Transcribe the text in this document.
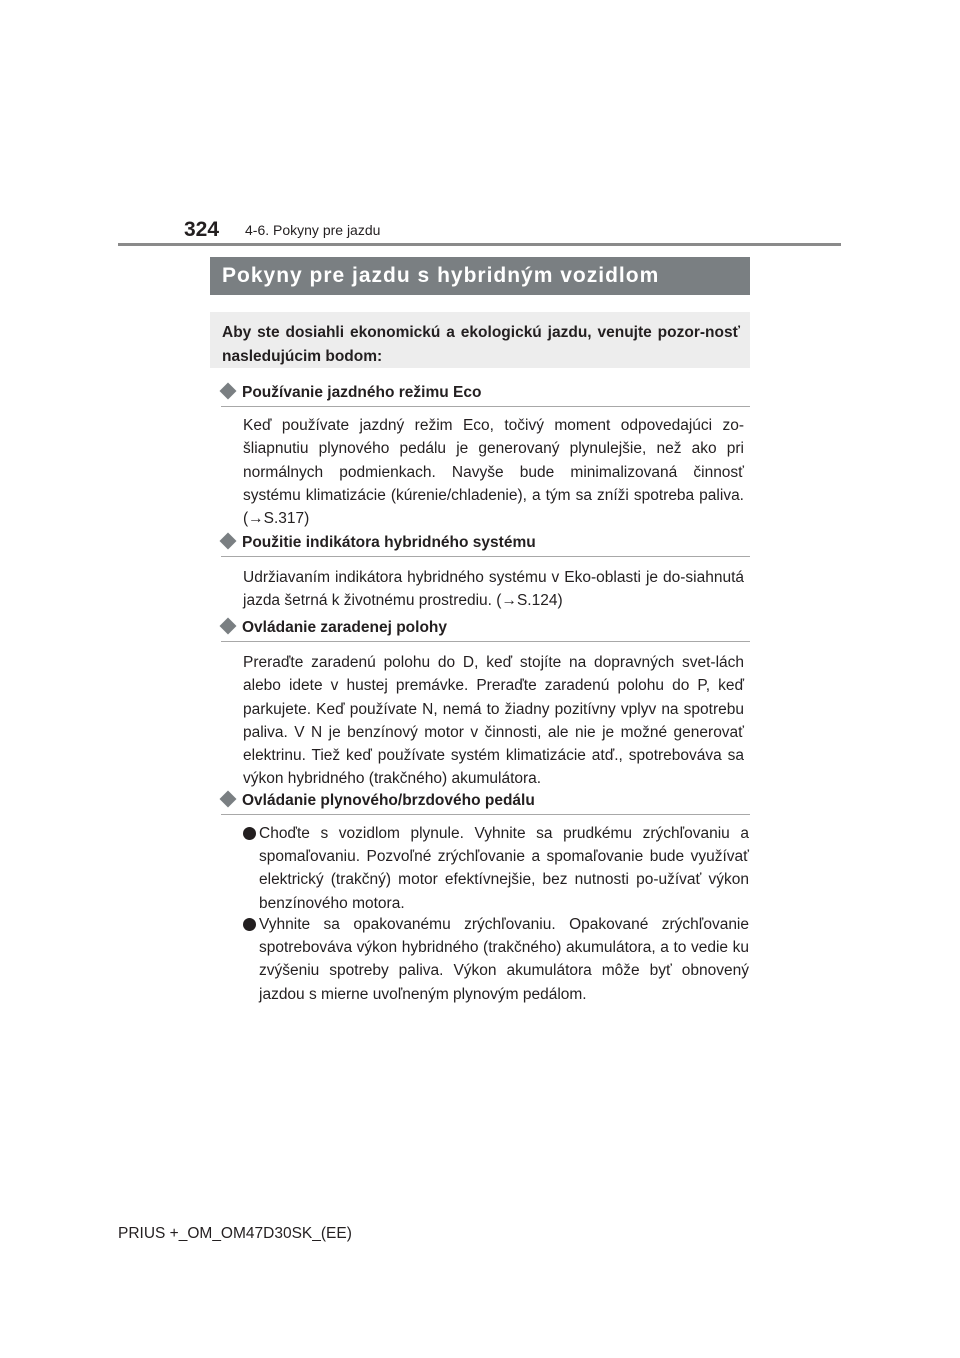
324 4-6. Pokyny pre jazdu
Pokyny pre jazdu s hybridným vozidlom
Aby ste dosiahli ekonomickú a ekologickú jazdu, venujte pozor-nosť nasledujúcim bodom:
Používanie jazdného režimu Eco
Keď používate jazdný režim Eco, točivý moment odpovedajúci zo-šliapnutiu plynového pedálu je generovaný plynulejšie, než ako pri normálnych podmienkach. Navyše bude minimalizovaná činnosť systému klimatizácie (kúrenie/chladenie), a tým sa zníži spotreba paliva. (→S.317)
Použitie indikátora hybridného systému
Udržiavaním indikátora hybridného systému v Eko-oblasti je do-siahnutá jazda šetrná k životnému prostrediu. (→S.124)
Ovládanie zaradenej polohy
Preraďte zaradenú polohu do D, keď stojíte na dopravných svet-lách alebo idete v hustej premávke. Preraďte zaradenú polohu do P, keď parkujete. Keď používate N, nemá to žiadny pozitívny vplyv na spotrebu paliva. V N je benzínový motor v činnosti, ale nie je možné generovať elektrinu. Tiež keď používate systém klimatizácie atď., spotrebováva sa výkon hybridného (trakčného) akumulátora.
Ovládanie plynového/brzdového pedálu
Choďte s vozidlom plynule. Vyhnite sa prudkému zrýchľovaniu a spomaľovaniu. Pozvoľné zrýchľovanie a spomaľovanie bude využívať elektrický (trakčný) motor efektívnejšie, bez nutnosti po-užívať výkon benzínového motora.
Vyhnite sa opakovanému zrýchľovaniu. Opakované zrýchľovanie spotrebováva výkon hybridného (trakčného) akumulátora, a to vedie ku zvýšeniu spotreby paliva. Výkon akumulátora môže byť obnovený jazdou s mierne uvoľneným plynovým pedálom.
PRIUS +_OM_OM47D30SK_(EE)
